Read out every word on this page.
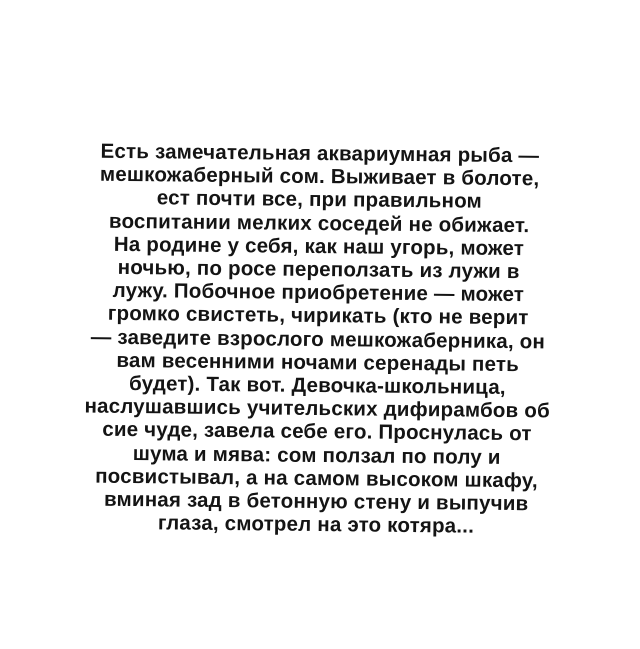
Есть замечательная аквариумная рыба —
мешкожаберный сом. Выживает в болоте,
ест почти все, при правильном
воспитании мелких соседей не обижает.
На родине у себя, как наш угорь, может
ночью, по росе переползать из лужи в
лужу. Побочное приобретение — может
громко свистеть, чирикать (кто не верит
— заведите взрослого мешкожаберника, он
вам весенними ночами серенады петь
будет). Так вот. Девочка-школьница,
наслушавшись учительских дифирамбов об
сие чуде, завела себе его. Проснулась от
шума и мява: сом ползал по полу и
посвистывал, а на самом высоком шкафу,
вминая зад в бетонную стену и выпучив
глаза, смотрел на это котяра...
